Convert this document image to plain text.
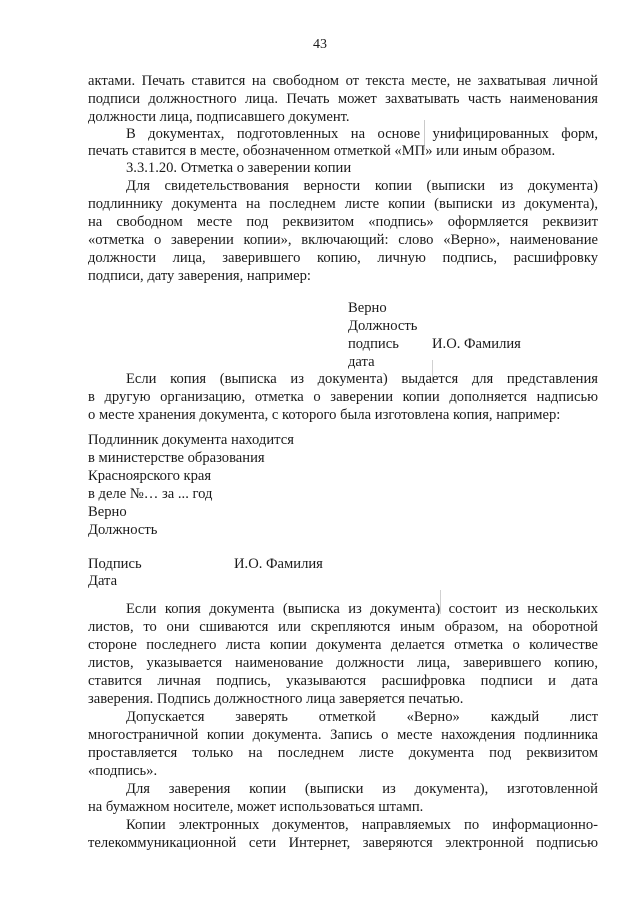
43
актами. Печать ставится на свободном от текста месте, не захватывая личной
подписи должностного лица. Печать может захватывать часть наименования
должности лица, подписавшего документ.
В документах, подготовленных на основе унифицированных форм,
печать ставится в месте, обозначенном отметкой «МП» или иным образом.
3.3.1.20. Отметка о заверении копии
Для свидетельствования верности копии (выписки из документа)
подлиннику документа на последнем листе копии (выписки из документа),
на свободном месте под реквизитом «подпись» оформляется реквизит
«отметка о заверении копии», включающий: слово «Верно», наименование
должности лица, заверившего копию, личную подпись, расшифровку
подписи, дату заверения, например:
Верно
Должность
подпись И.О. Фамилия
дата
Если копия (выписка из документа) выдается для представления
в другую организацию, отметка о заверении копии дополняется надписью
о месте хранения документа, с которого была изготовлена копия, например:
Подлинник документа находится
в министерстве образования
Красноярского края
в деле №… за ... год
Верно
Должность
Подпись	И.О. Фамилия
Дата
Если копия документа (выписка из документа) состоит из нескольких
листов, то они сшиваются или скрепляются иным образом, на оборотной
стороне последнего листа копии документа делается отметка о количестве
листов, указывается наименование должности лица, заверившего копию,
ставится личная подпись, указываются расшифровка подписи и дата
заверения. Подпись должностного лица заверяется печатью.
Допускается заверять отметкой «Верно» каждый лист
многостраничной копии документа. Запись о месте нахождения подлинника
проставляется только на последнем листе документа под реквизитом
«подпись».
Для заверения копии (выписки из документа), изготовленной
на бумажном носителе, может использоваться штамп.
Копии электронных документов, направляемых по информационно-
телекоммуникационной сети Интернет, заверяются электронной подписью
